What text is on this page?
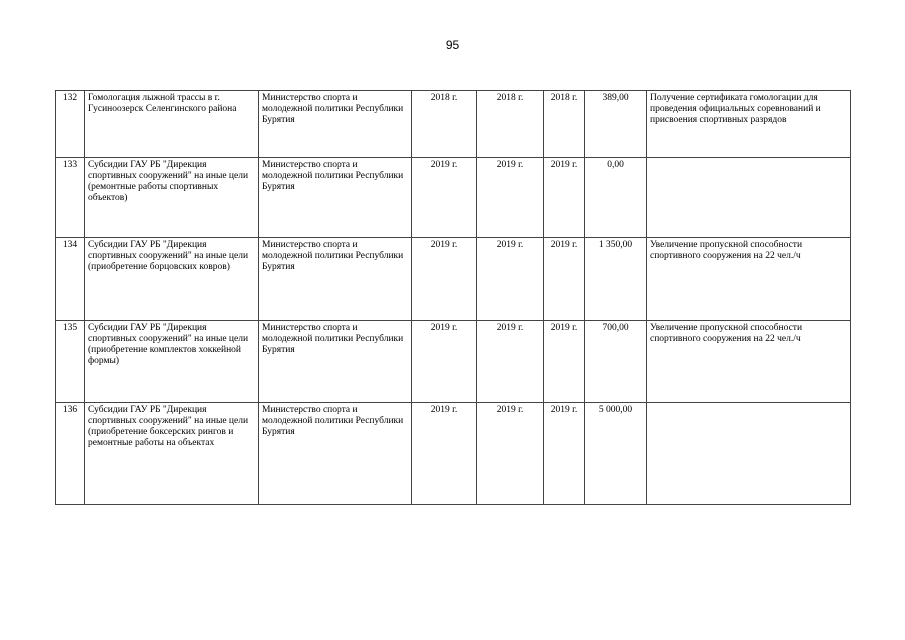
95
132	Гомологация лыжной трассы в г. Гусиноозерск Селенгинского района	Министерство спорта и молодежной политики Республики Бурятия	2018 г.	2018 г.	2018 г.	389,00	Получение сертификата гомологации для проведения официальных соревнований и присвоения спортивных разрядов
133	Субсидии ГАУ РБ "Дирекция спортивных сооружений" на иные цели (ремонтные работы спортивных объектов)	Министерство спорта и молодежной политики Республики Бурятия	2019 г.	2019 г.	2019 г.	0,00	
134	Субсидии ГАУ РБ "Дирекция спортивных сооружений" на иные цели (приобретение борцовских ковров)	Министерство спорта и молодежной политики Республики Бурятия	2019 г.	2019 г.	2019 г.	1 350,00	Увеличение пропускной способности спортивного сооружения на 22 чел./ч
135	Субсидии ГАУ РБ "Дирекция спортивных сооружений" на иные цели (приобретение комплектов хоккейной формы)	Министерство спорта и молодежной политики Республики Бурятия	2019 г.	2019 г.	2019 г.	700,00	Увеличение пропускной способности спортивного сооружения на 22 чел./ч
136	Субсидии ГАУ РБ "Дирекция спортивных сооружений" на иные цели (приобретение боксерских рингов и ремонтные работы на объектах	Министерство спорта и молодежной политики Республики Бурятия	2019 г.	2019 г.	2019 г.	5 000,00	
